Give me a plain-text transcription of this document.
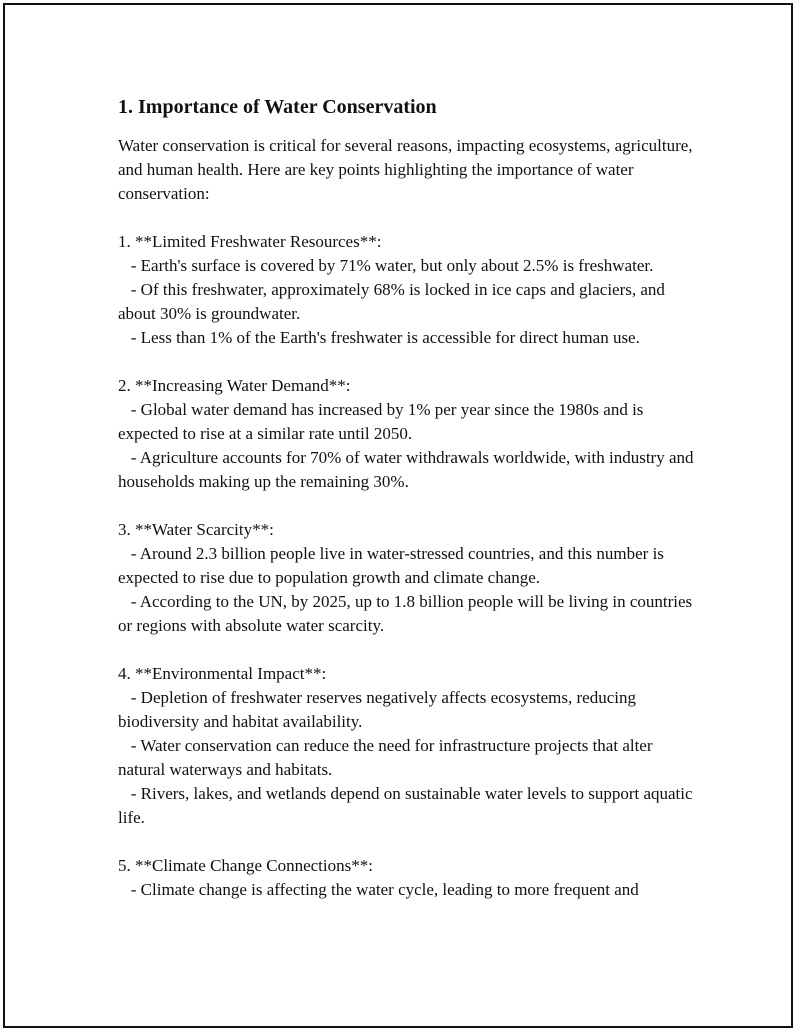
1. Importance of Water Conservation

Water conservation is critical for several reasons, impacting ecosystems, agriculture, and human health. Here are key points highlighting the importance of water conservation:

1. **Limited Freshwater Resources**:

- Earth's surface is covered by 71% water, but only about 2.5% is freshwater.

- Of this freshwater, approximately 68% is locked in ice caps and glaciers, and about 30% is groundwater.

- Less than 1% of the Earth's freshwater is accessible for direct human use.

2. **Increasing Water Demand**:

- Global water demand has increased by 1% per year since the 1980s and is expected to rise at a similar rate until 2050.

- Agriculture accounts for 70% of water withdrawals worldwide, with industry and households making up the remaining 30%.

3. **Water Scarcity**:

- Around 2.3 billion people live in water-stressed countries, and this number is expected to rise due to population growth and climate change.

- According to the UN, by 2025, up to 1.8 billion people will be living in countries or regions with absolute water scarcity.

4. **Environmental Impact**:

- Depletion of freshwater reserves negatively affects ecosystems, reducing biodiversity and habitat availability.

- Water conservation can reduce the need for infrastructure projects that alter natural waterways and habitats.

- Rivers, lakes, and wetlands depend on sustainable water levels to support aquatic life.

5. **Climate Change Connections**:

- Climate change is affecting the water cycle, leading to more frequent and
